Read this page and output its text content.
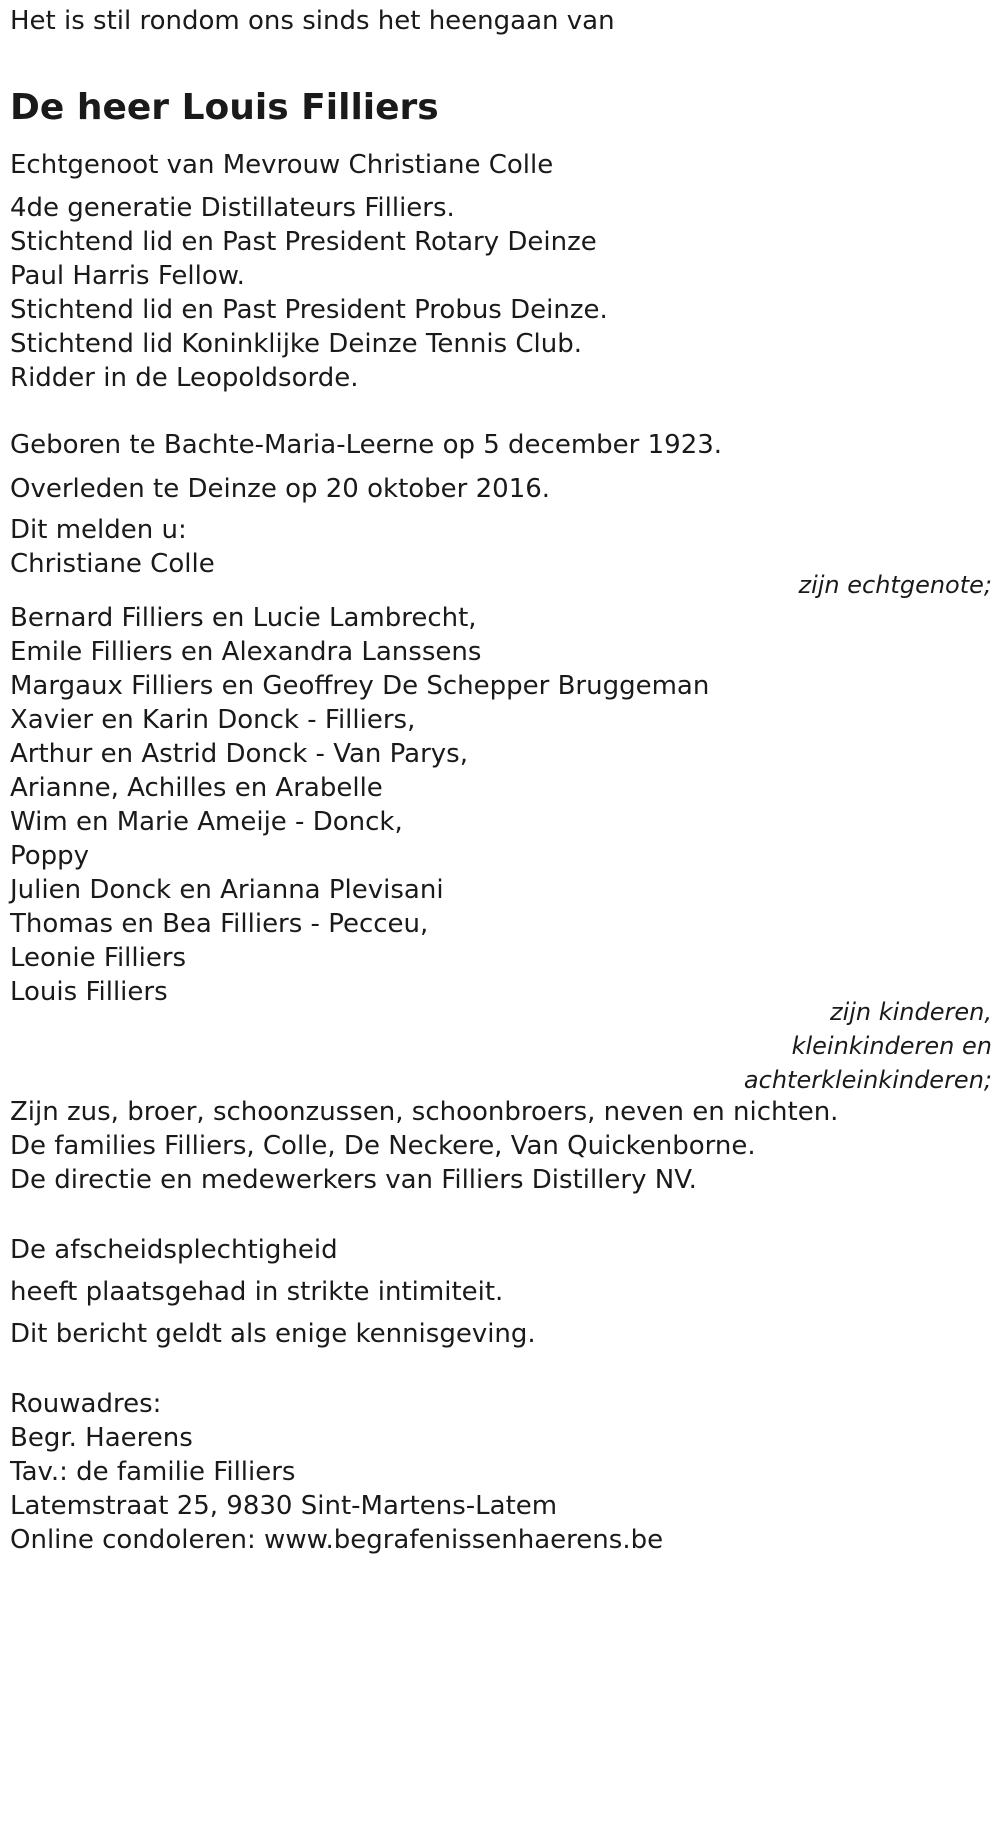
Het is stil rondom ons sinds het heengaan van

De heer Louis Filliers

Echtgenoot van Mevrouw Christiane Colle

4de generatie Distillateurs Filliers.

Stichtend lid en Past President Rotary Deinze

Paul Harris Fellow.

Stichtend lid en Past President Probus Deinze.

Stichtend lid Koninklijke Deinze Tennis Club.

Ridder in de Leopoldsorde.

Geboren te Bachte-Maria-Leerne op 5 december 1923.

Overleden te Deinze op 20 oktober 2016.

Dit melden u:

Christiane Colle

zijn echtgenote;

Bernard Filliers en Lucie Lambrecht,

Emile Filliers en Alexandra Lanssens

Margaux Filliers en Geoffrey De Schepper Bruggeman

Xavier en Karin Donck - Filliers,

Arthur en Astrid Donck - Van Parys,

Arianne, Achilles en Arabelle

Wim en Marie Ameije - Donck,

Poppy

Julien Donck en Arianna Plevisani

Thomas en Bea Filliers - Pecceu,

Leonie Filliers

Louis Filliers

zijn kinderen,

kleinkinderen en

achterkleinkinderen;

Zijn zus, broer, schoonzussen, schoonbroers, neven en nichten.

De families Filliers, Colle, De Neckere, Van Quickenborne.

De directie en medewerkers van Filliers Distillery NV.

De afscheidsplechtigheid

heeft plaatsgehad in strikte intimiteit.

Dit bericht geldt als enige kennisgeving.

Rouwadres:

Begr. Haerens

Tav.: de familie Filliers

Latemstraat 25, 9830 Sint-Martens-Latem

Online condoleren: www.begrafenissenhaerens.be
